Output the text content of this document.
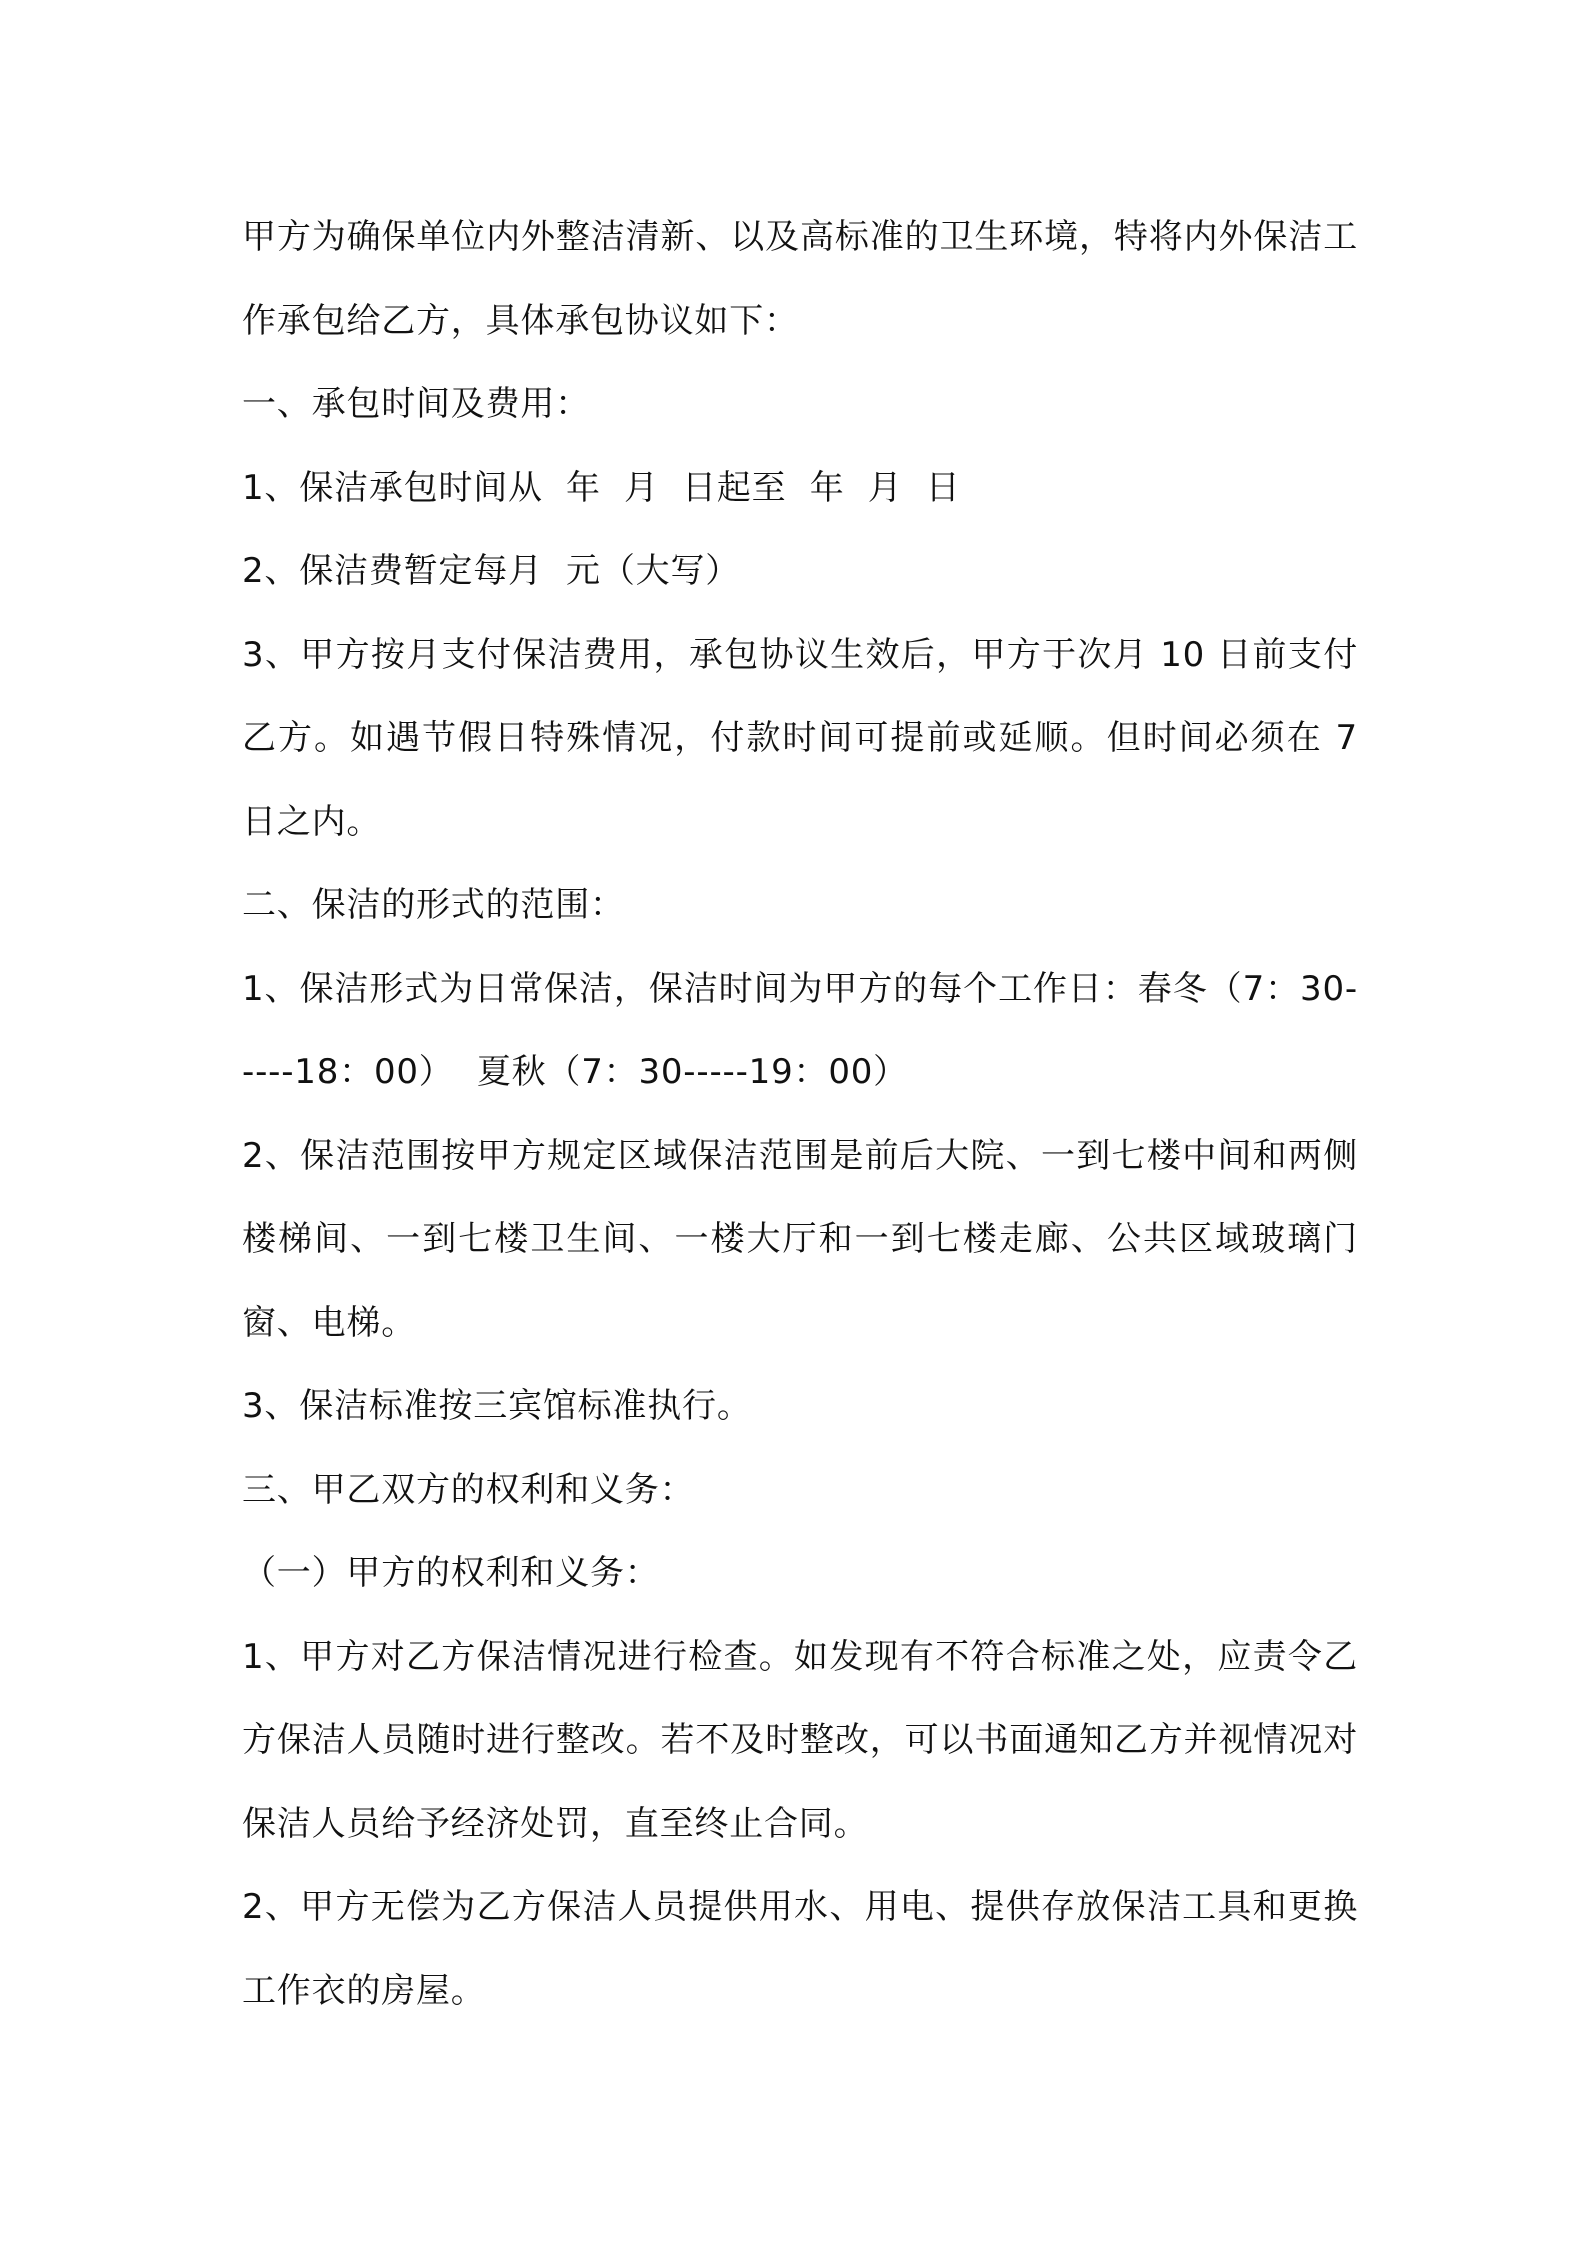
甲方为确保单位内外整洁清新、以及高标准的卫生环境，特将内外保洁工作承包给乙方，具体承包协议如下：

一、承包时间及费用：

1、保洁承包时间从  年  月  日起至  年  月  日

2、保洁费暂定每月  元（大写）

3、甲方按月支付保洁费用，承包协议生效后，甲方于次月 10 日前支付乙方。如遇节假日特殊情况，付款时间可提前或延顺。但时间必须在 7 日之内。

二、保洁的形式的范围：

1、保洁形式为日常保洁，保洁时间为甲方的每个工作日：春冬（7：30-----18：00）  夏秋（7：30-----19：00）

2、保洁范围按甲方规定区域保洁范围是前后大院、一到七楼中间和两侧楼梯间、一到七楼卫生间、一楼大厅和一到七楼走廊、公共区域玻璃门窗、电梯。

3、保洁标准按三宾馆标准执行。

三、甲乙双方的权利和义务：

（一）甲方的权利和义务：

1、甲方对乙方保洁情况进行检查。如发现有不符合标准之处，应责令乙方保洁人员随时进行整改。若不及时整改，可以书面通知乙方并视情况对保洁人员给予经济处罚，直至终止合同。

2、甲方无偿为乙方保洁人员提供用水、用电、提供存放保洁工具和更换工作衣的房屋。
